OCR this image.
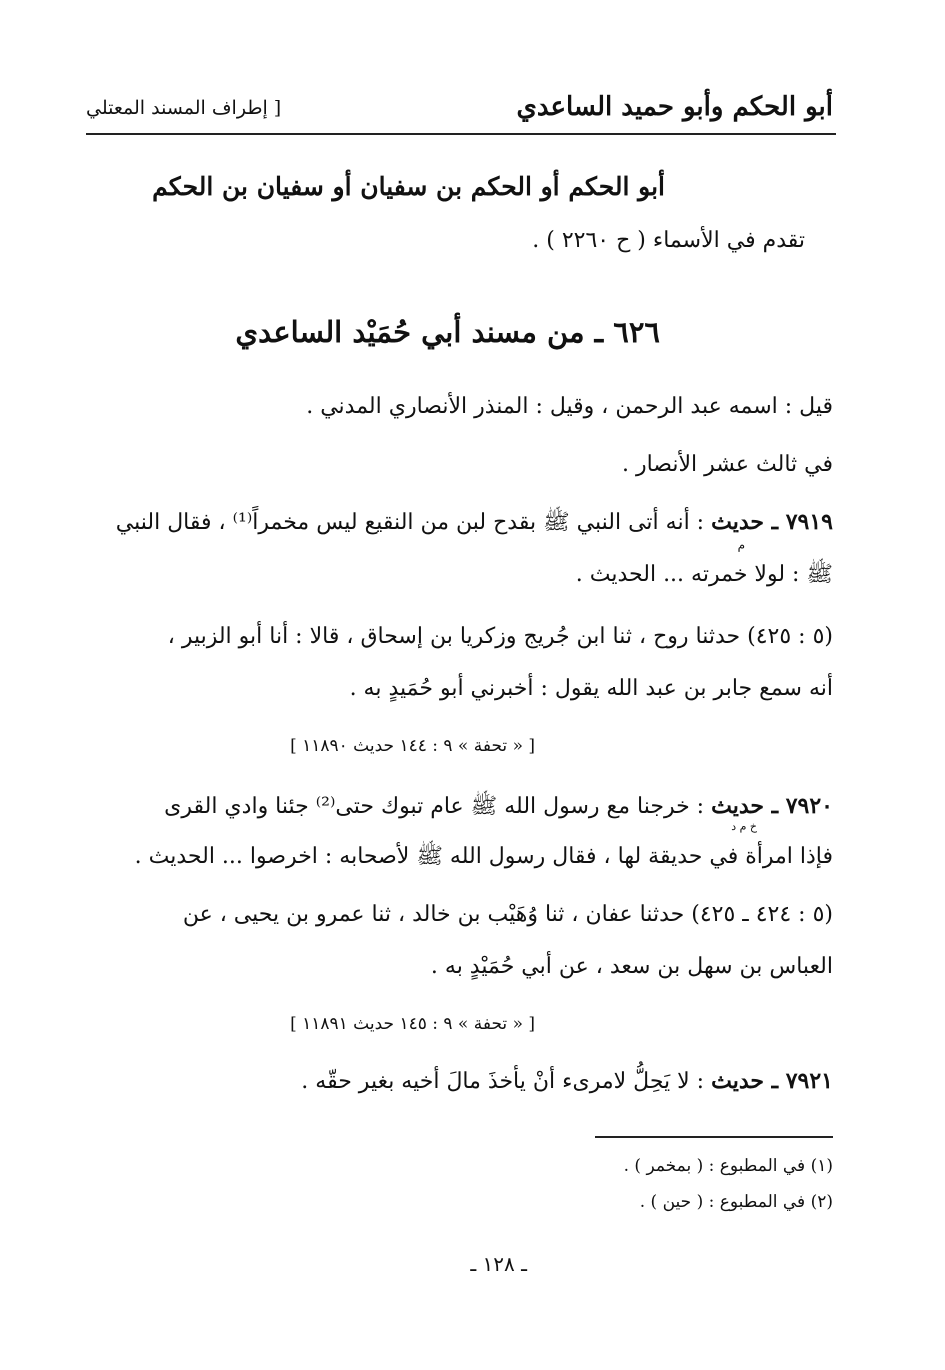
أبو الحكم وأبو حميد الساعدي
[ إطراف المسند المعتلي
أبو الحكم أو الحكم بن سفيان أو سفيان بن الحكم
تقدم في الأسماء ( ح ٢٢٦٠ ) .
٦٢٦ ـ من مسند أبي حُمَيْد الساعدي
قيل : اسمه عبد الرحمن ، وقيل : المنذر الأنصاري المدني .
في ثالث عشر الأنصار .
٧٩١٩ ـ حديث : أنه أتى النبي ﷺ بقدح لبن من النقيع ليس مخمراً⁽¹⁾ ، فقال النبي
م
ﷺ : لولا خمرته ... الحديث .
(٥ : ٤٢٥) حدثنا روح ، ثنا ابن جُريج وزكريا بن إسحاق ، قالا : أنا أبو الزبير ،
أنه سمع جابر بن عبد الله يقول : أخبرني أبو حُمَيدٍ به .
[ « تحفة » ٩ : ١٤٤ حديث ١١٨٩٠ ]
٧٩٢٠ ـ حديث : خرجنا مع رسول الله ﷺ عام تبوك حتى⁽²⁾ جئنا وادي القرى
خ م د
فإذا امرأة في حديقة لها ، فقال رسول الله ﷺ لأصحابه : اخرصوا ... الحديث .
(٥ : ٤٢٤ ـ ٤٢٥) حدثنا عفان ، ثنا وُهَيْب بن خالد ، ثنا عمرو بن يحيى ، عن
العباس بن سهل بن سعد ، عن أبي حُمَيْدٍ به .
[ « تحفة » ٩ : ١٤٥ حديث ١١٨٩١ ]
٧٩٢١ ـ حديث : لا يَحِلُّ لامرىء أنْ يأخذَ مالَ أخيه بغير حقّه .
(١) في المطبوع : ( بمخمر ) .
(٢) في المطبوع : ( حين ) .
ـ ١٢٨ ـ
